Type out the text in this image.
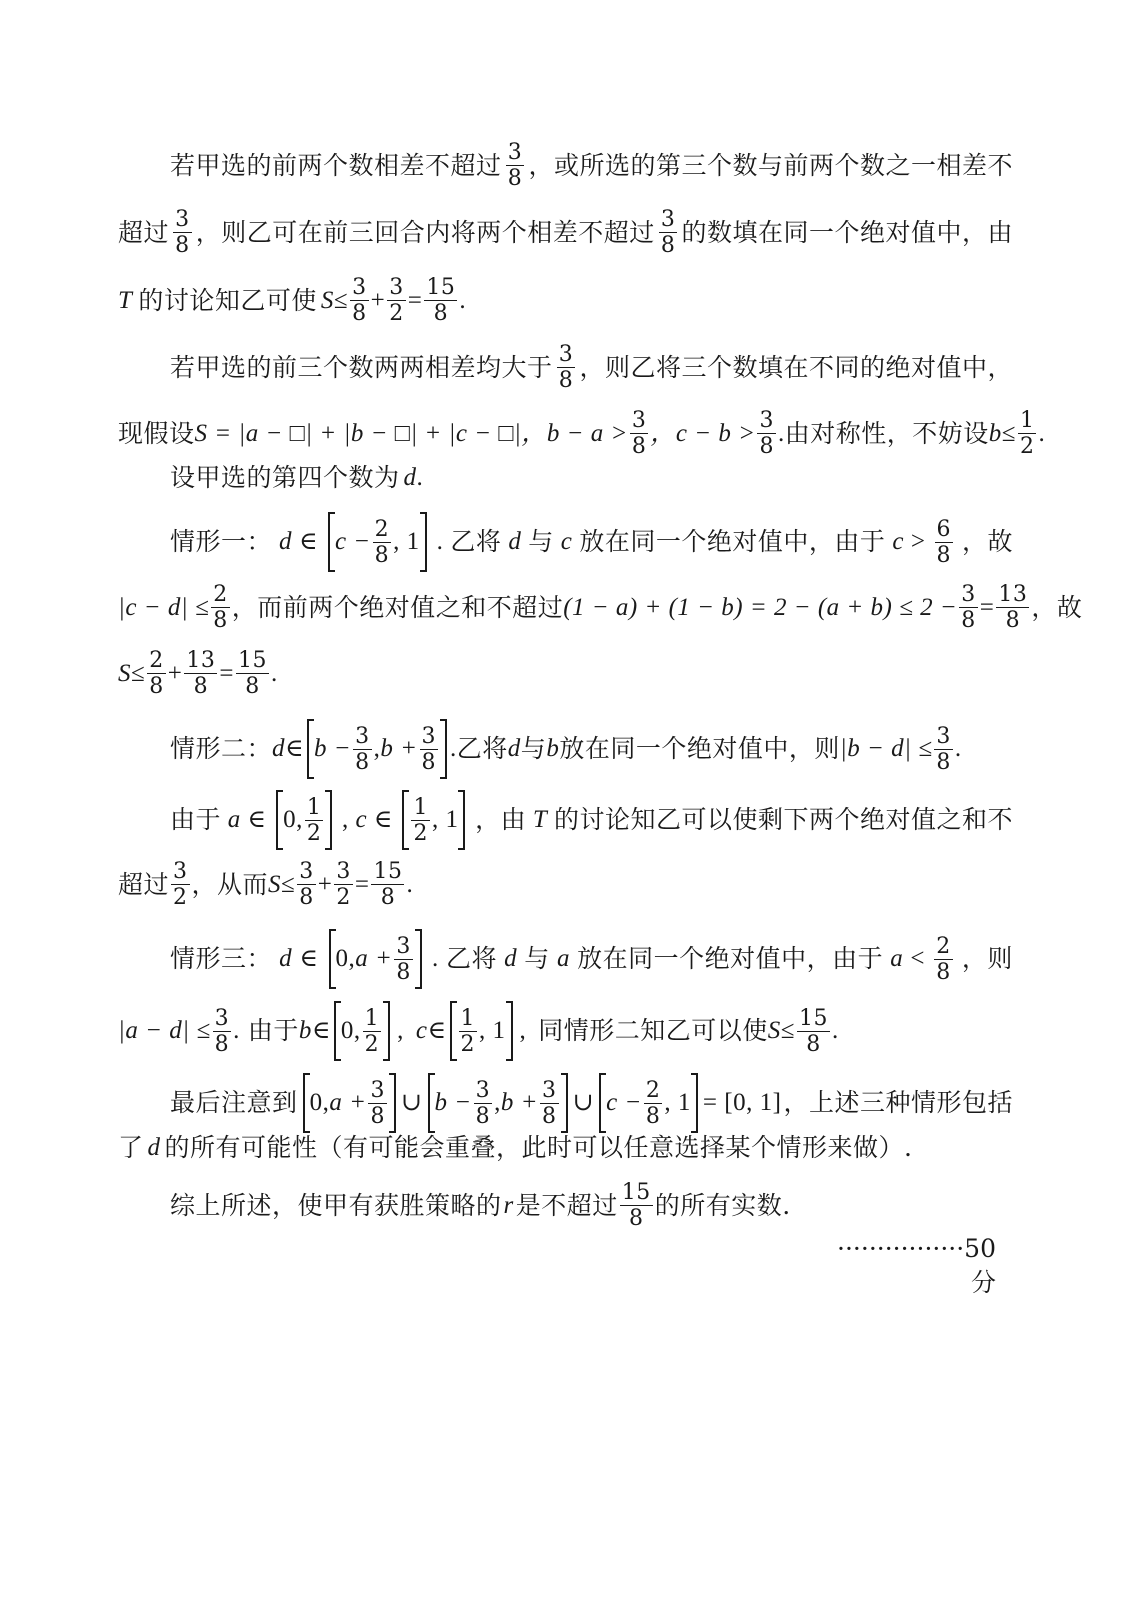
若甲选的前两个数相差不超过 $\frac{3}{8}$ ，或所选的第三个数与前两个数之一相差不
超过 $\frac{3}{8}$ ，则乙可在前三回合内将两个相差不超过 $\frac{3}{8}$ 的数填在同一个绝对值中，由
T 的讨论知乙可使 $S \le \frac{3}{8} + \frac{3}{2} = \frac{15}{8}$ .
若甲选的前三个数两两相差均大于 $\frac{3}{8}$ ，则乙将三个数填在不同的绝对值中，
现假设 S = |a − □| + |b − □| + |c − □|， $b - a > \frac{3}{8}$ ，$c - b > \frac{3}{8}$ . 由对称性，不妨设 $b \le \frac{1}{2}$ .
设甲选的第四个数为 d .
情形一： d ∈ $c - \frac{2}{8}$ , 1 . 乙将 d 与 c 放在同一个绝对值中，由于 $c > \frac{6}{8}$ ，故
$|c - d| \le \frac{2}{8}$ ，而前两个绝对值之和不超过 $(1 - a) + (1 - b) = 2 - (a + b) \le 2 - \frac{3}{8} = \frac{13}{8}$ ，故
$S \le \frac{2}{8} + \frac{13}{8} = \frac{15}{8}$ .
情形二： d ∈ $b - \frac{3}{8}$ , $b + \frac{3}{8}$ . 乙将 d 与 b 放在同一个绝对值中，则 $|b - d| \le \frac{3}{8}$ .
由于 a ∈ 0, $\frac{1}{2}$ , c ∈ $\frac{1}{2}$ , 1 ，由 T 的讨论知乙可以使剩下两个绝对值之和不
超过 $\frac{3}{2}$ ，从而 $S \le \frac{3}{8} + \frac{3}{2} = \frac{15}{8}$ .
情形三： d ∈ 0, $a + \frac{3}{8}$ . 乙将 d 与 a 放在同一个绝对值中，由于 $a < \frac{2}{8}$ ，则
$|a - d| \le \frac{3}{8}$ . 由于 b ∈ 0, $\frac{1}{2}$ , c ∈ $\frac{1}{2}$ , 1 , 同情形二知乙可以使 $S \le \frac{15}{8}$ .
最后注意到 0, $a + \frac{3}{8}$ ∪ $b - \frac{3}{8}$ , $b + \frac{3}{8}$ ∪ $c - \frac{2}{8}$ , 1 = [0, 1] ，上述三种情形包括
了 d 的所有可能性（有可能会重叠，此时可以任意选择某个情形来做）.
综上所述，使甲有获胜策略的 r 是不超过 $\frac{15}{8}$ 的所有实数.
················50 分
